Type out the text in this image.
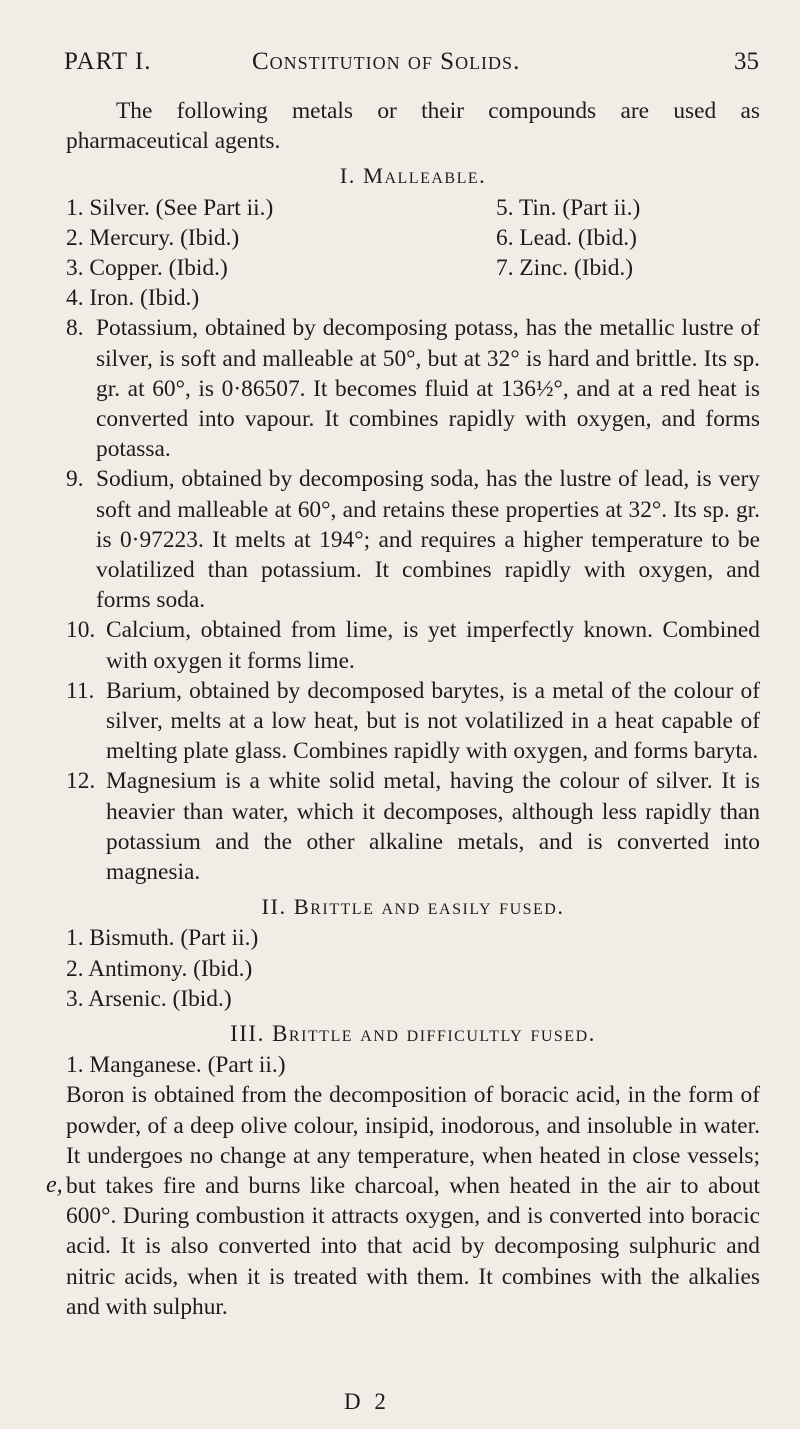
PART I.	Constitution of Solids.	35

The following metals or their compounds are used as pharmaceutical agents.

I. Malleable.

1. Silver. (See Part ii.)	5. Tin. (Part ii.)
2. Mercury. (Ibid.)	6. Lead. (Ibid.)
3. Copper. (Ibid.)	7. Zinc. (Ibid.)
4. Iron. (Ibid.)

8. Potassium, obtained by decomposing potass, has the metallic lustre of silver, is soft and malleable at 50°, but at 32° is hard and brittle. Its sp. gr. at 60°, is 0·86507. It becomes fluid at 136½°, and at a red heat is converted into vapour. It combines rapidly with oxygen, and forms potassa.

9. Sodium, obtained by decomposing soda, has the lustre of lead, is very soft and malleable at 60°, and retains these properties at 32°. Its sp. gr. is 0·97223. It melts at 194°; and requires a higher temperature to be volatilized than potassium. It combines rapidly with oxygen, and forms soda.

10. Calcium, obtained from lime, is yet imperfectly known. Combined with oxygen it forms lime.

11. Barium, obtained by decomposed barytes, is a metal of the colour of silver, melts at a low heat, but is not volatilized in a heat capable of melting plate glass. Combines rapidly with oxygen, and forms baryta.

12. Magnesium is a white solid metal, having the colour of silver. It is heavier than water, which it decomposes, although less rapidly than potassium and the other alkaline metals, and is converted into magnesia.

II. Brittle and easily fused.

1. Bismuth. (Part ii.)

2. Antimony. (Ibid.)

3. Arsenic. (Ibid.)

III. Brittle and difficultly fused.

1. Manganese. (Part ii.)

Boron is obtained from the decomposition of boracic acid, in the form of powder, of a deep olive colour, insipid, inodorous, and insoluble in water. It undergoes no change at any temperature, when heated in close vessels; but takes fire and burns like charcoal, when heated in the air to about 600°. During combustion it attracts oxygen, and is converted into boracic acid. It is also converted into that acid by decomposing sulphuric and nitric acids, when it is treated with them. It combines with the alkalies and with sulphur.

e,
D 2
